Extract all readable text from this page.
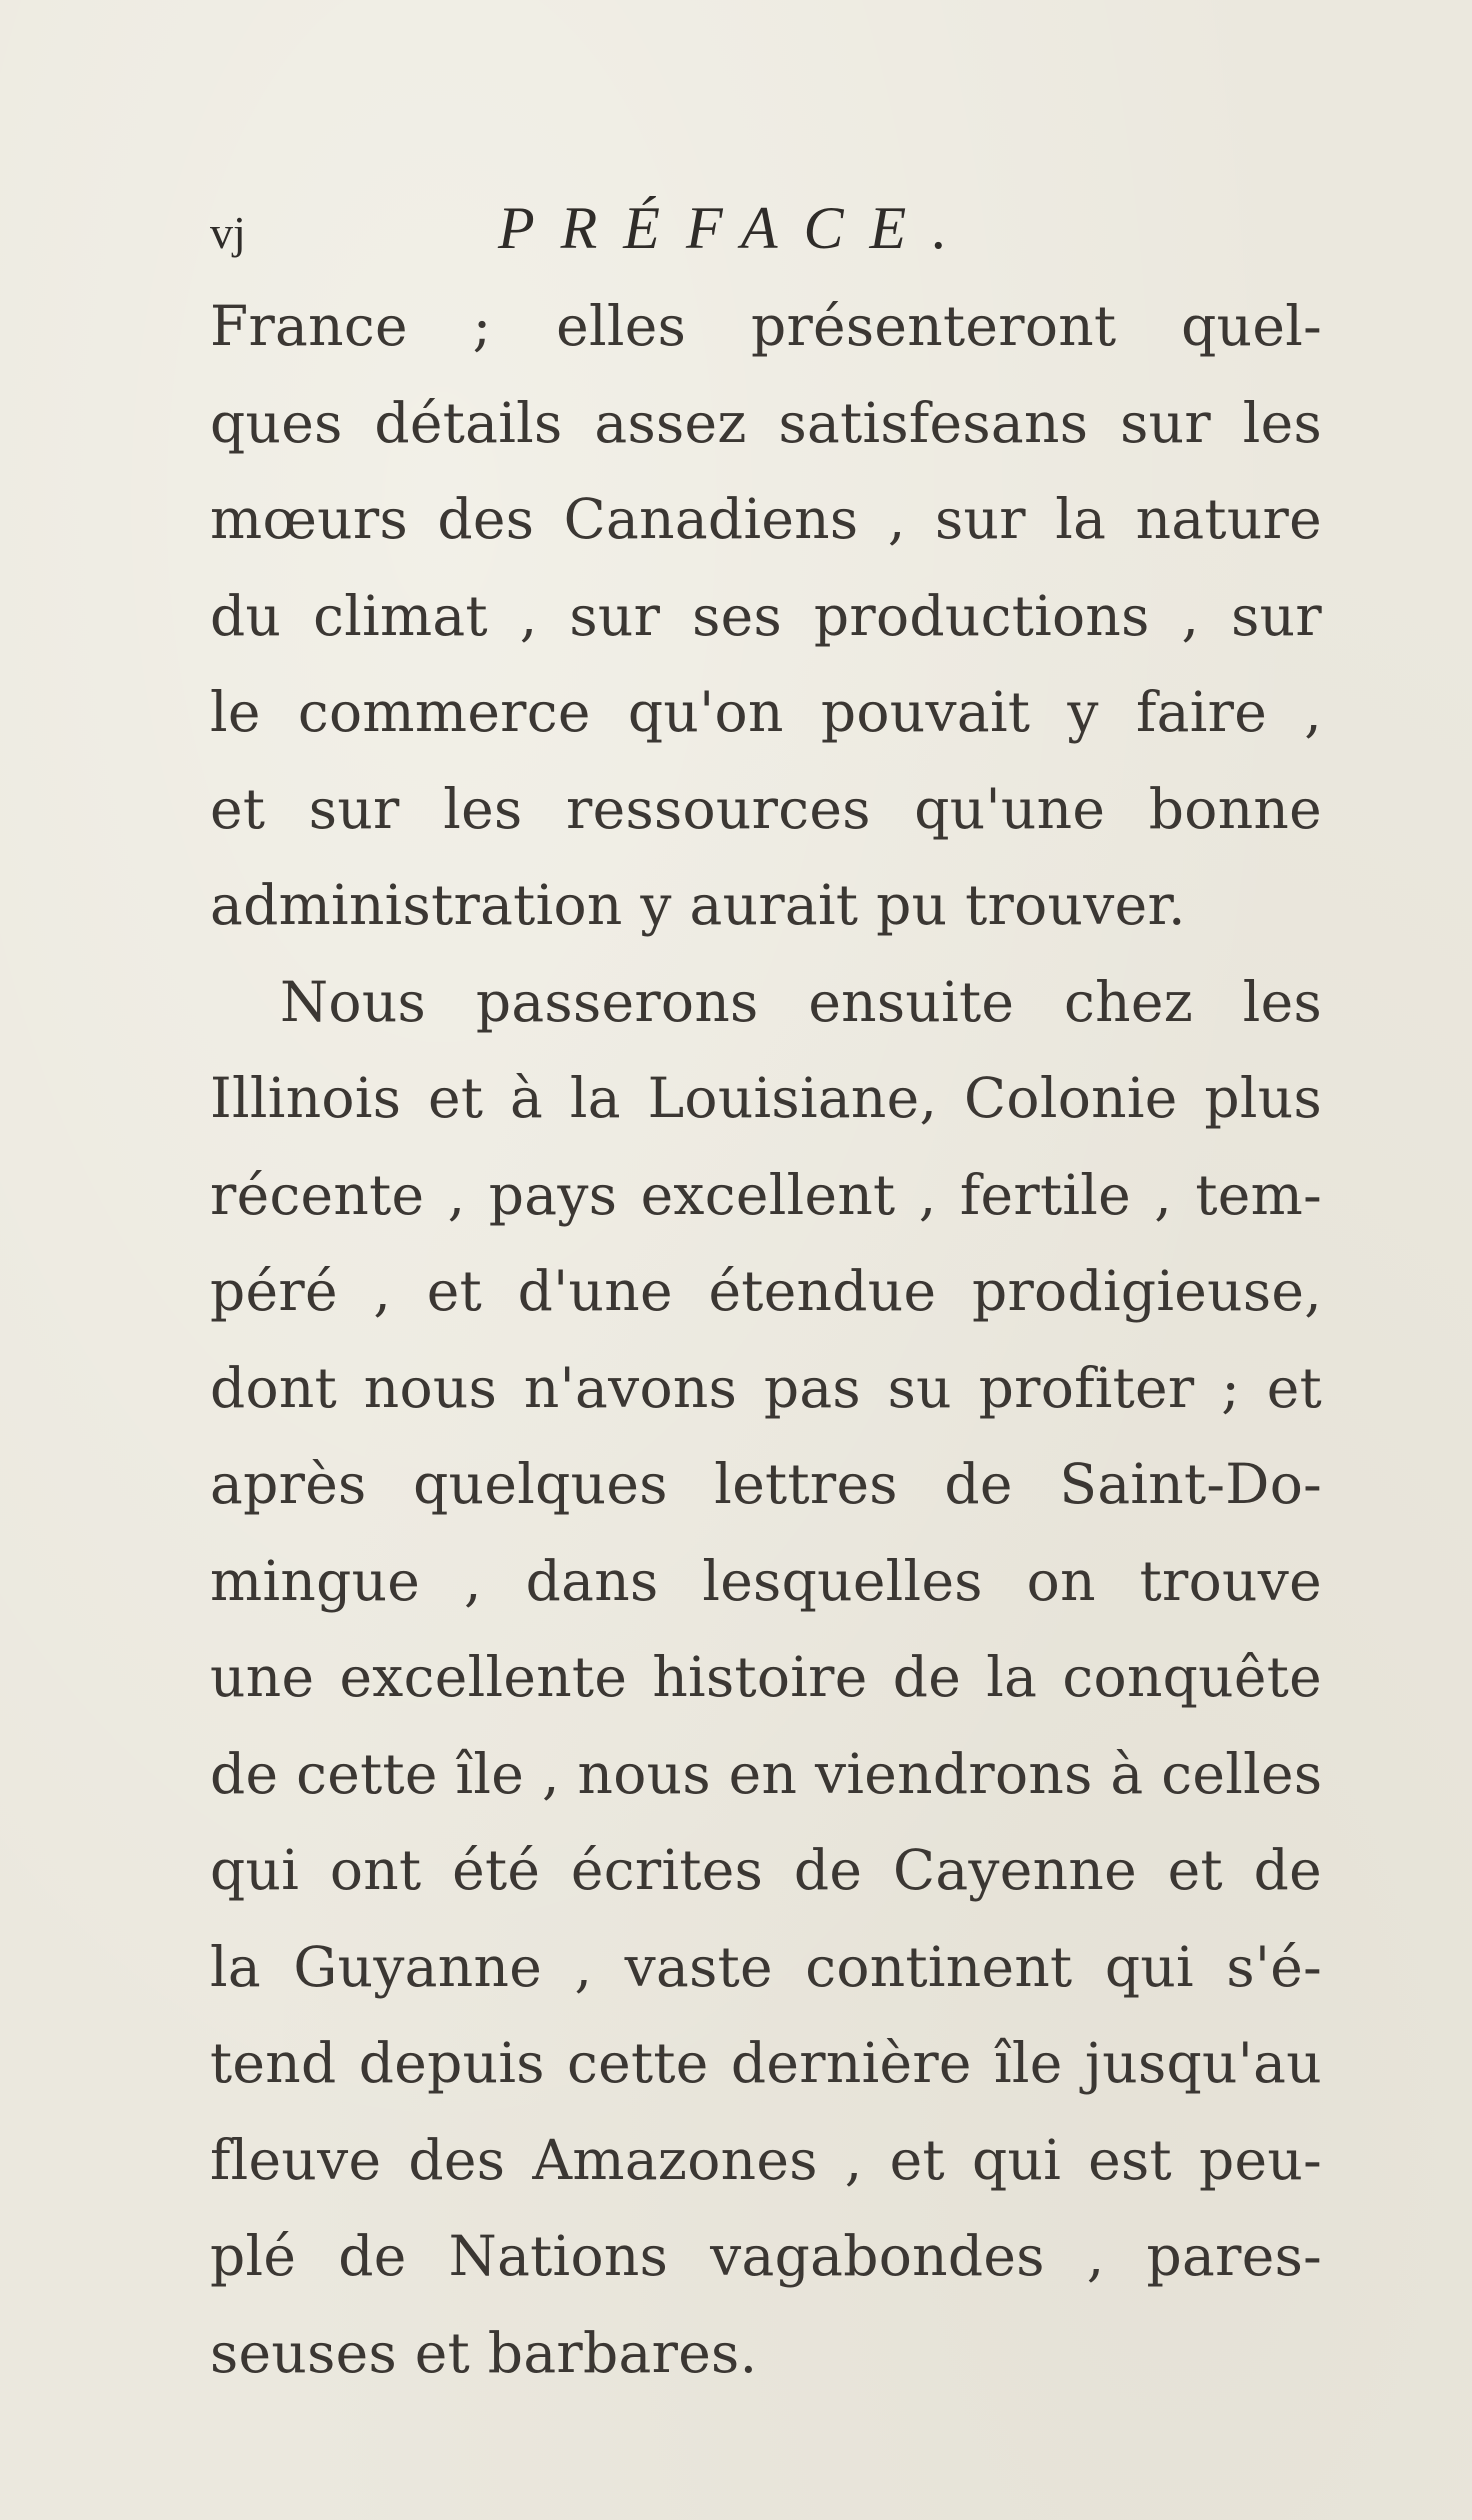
vj	PRÉFACE.
France ; elles présenteront quel-
ques détails assez satisfesans sur les
mœurs des Canadiens , sur la nature
du climat , sur ses productions , sur
le commerce qu'on pouvait y faire ,
et sur les ressources qu'une bonne
administration y aurait pu trouver.
Nous passerons ensuite chez les
Illinois et à la Louisiane, Colonie plus
récente , pays excellent , fertile , tem-
péré , et d'une étendue prodigieuse,
dont nous n'avons pas su profiter ; et
après quelques lettres de Saint-Do-
mingue , dans lesquelles on trouve
une excellente histoire de la conquête
de cette île , nous en viendrons à celles
qui ont été écrites de Cayenne et de
la Guyanne , vaste continent qui s'é-
tend depuis cette dernière île jusqu'au
fleuve des Amazones , et qui est peu-
plé de Nations vagabondes , pares-
seuses et barbares.
